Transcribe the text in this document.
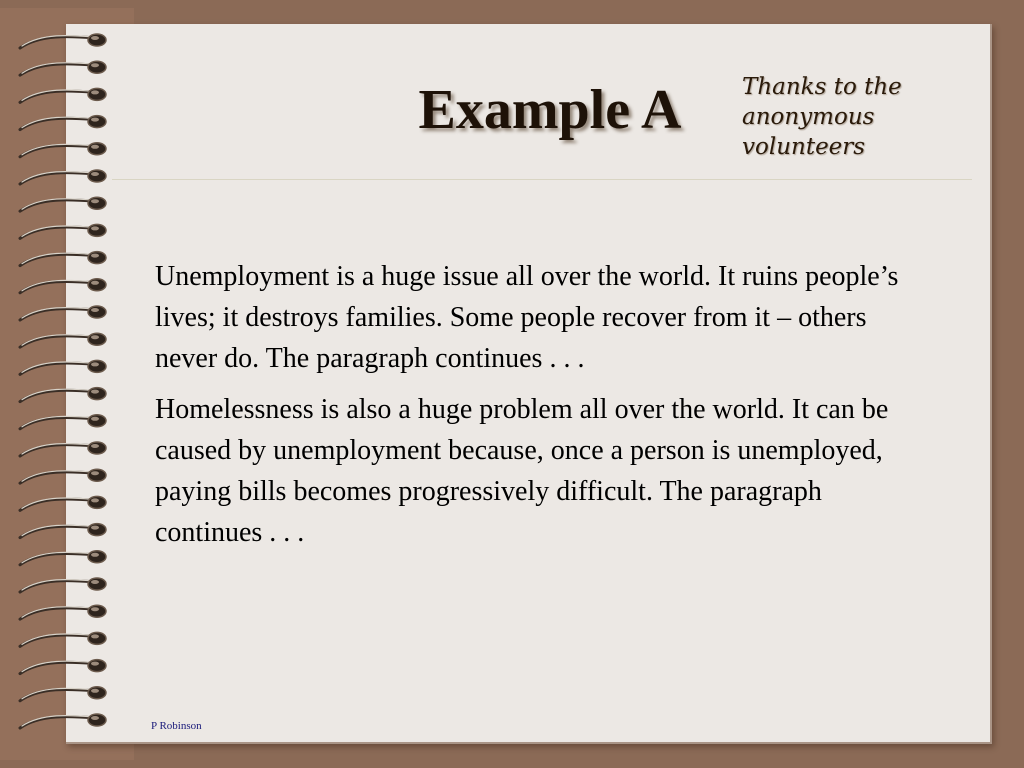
Example A	Thanks to the
anonymous
volunteers

Unemployment is a huge issue all over the world. It ruins people’s lives; it destroys families. Some people recover from it – others never do. The paragraph continues . . .

Homelessness is also a huge problem all over the world. It can be caused by unemployment because, once a person is unemployed, paying bills becomes progressively difficult. The paragraph continues . . .

P Robinson
